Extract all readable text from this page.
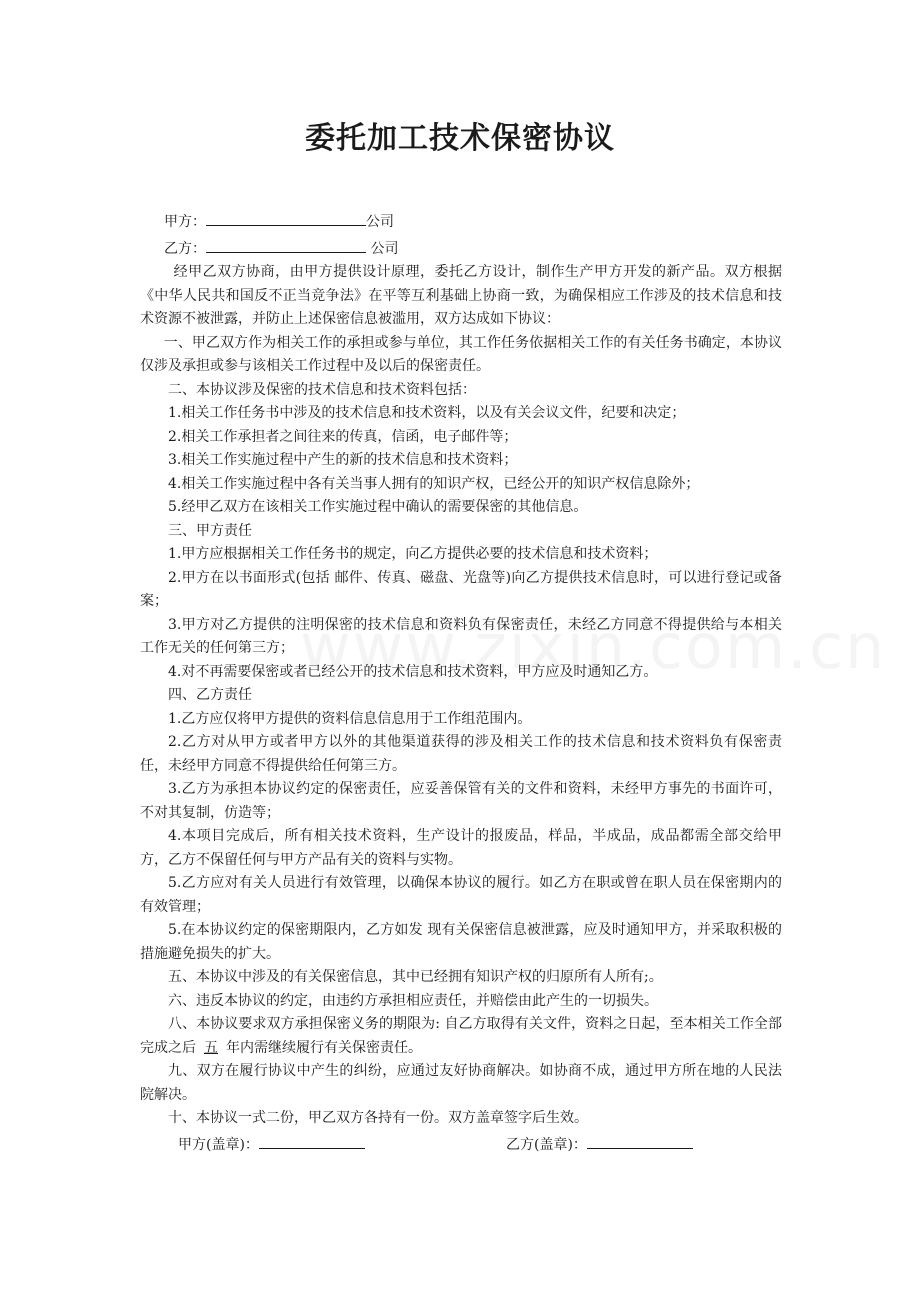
委托加工技术保密协议

甲方：	公司

乙方：	公司

经甲乙双方协商，由甲方提供设计原理，委托乙方设计，制作生产甲方开发的新产品。双方根据《中华人民共和国反不正当竞争法》在平等互利基础上协商一致，为确保相应工作涉及的技术信息和技术资源不被泄露，并防止上述保密信息被滥用，双方达成如下协议：

一、甲乙双方作为相关工作的承担或参与单位，其工作任务依据相关工作的有关任务书确定，本协议仅涉及承担或参与该相关工作过程中及以后的保密责任。

二、本协议涉及保密的技术信息和技术资料包括：

1.相关工作任务书中涉及的技术信息和技术资料，以及有关会议文件，纪要和决定；

2.相关工作承担者之间往来的传真，信函，电子邮件等；

3.相关工作实施过程中产生的新的技术信息和技术资料；

4.相关工作实施过程中各有关当事人拥有的知识产权，已经公开的知识产权信息除外；

5.经甲乙双方在该相关工作实施过程中确认的需要保密的其他信息。

三、甲方责任

1.甲方应根据相关工作任务书的规定，向乙方提供必要的技术信息和技术资料；

2.甲方在以书面形式(包括 邮件、传真、磁盘、光盘等)向乙方提供技术信息时，可以进行登记或备案；

3.甲方对乙方提供的注明保密的技术信息和资料负有保密责任，未经乙方同意不得提供给与本相关工作无关的任何第三方；

4.对不再需要保密或者已经公开的技术信息和技术资料，甲方应及时通知乙方。

四、乙方责任

1.乙方应仅将甲方提供的资料信息信息用于工作组范围内。

2.乙方对从甲方或者甲方以外的其他渠道获得的涉及相关工作的技术信息和技术资料负有保密责任，未经甲方同意不得提供给任何第三方。

3.乙方为承担本协议约定的保密责任，应妥善保管有关的文件和资料，未经甲方事先的书面许可，不对其复制，仿造等；

4.本项目完成后，所有相关技术资料，生产设计的报废品，样品，半成品，成品都需全部交给甲方，乙方不保留任何与甲方产品有关的资料与实物。

5.乙方应对有关人员进行有效管理，以确保本协议的履行。如乙方在职或曾在职人员在保密期内的有效管理；

5.在本协议约定的保密期限内，乙方如发 现有关保密信息被泄露，应及时通知甲方，并采取积极的措施避免损失的扩大。

五、本协议中涉及的有关保密信息，其中已经拥有知识产权的归原所有人所有;。

六、违反本协议的约定，由违约方承担相应责任，并赔偿由此产生的一切损失。

八、本协议要求双方承担保密义务的期限为: 自乙方取得有关文件，资料之日起，至本相关工作全部完成之后 五 年内需继续履行有关保密责任。

九、双方在履行协议中产生的纠纷，应通过友好协商解决。如协商不成，通过甲方所在地的人民法院解决。

十、本协议一式二份，甲乙双方各持有一份。双方盖章签字后生效。

甲方(盖章)：	乙方(盖章)：
